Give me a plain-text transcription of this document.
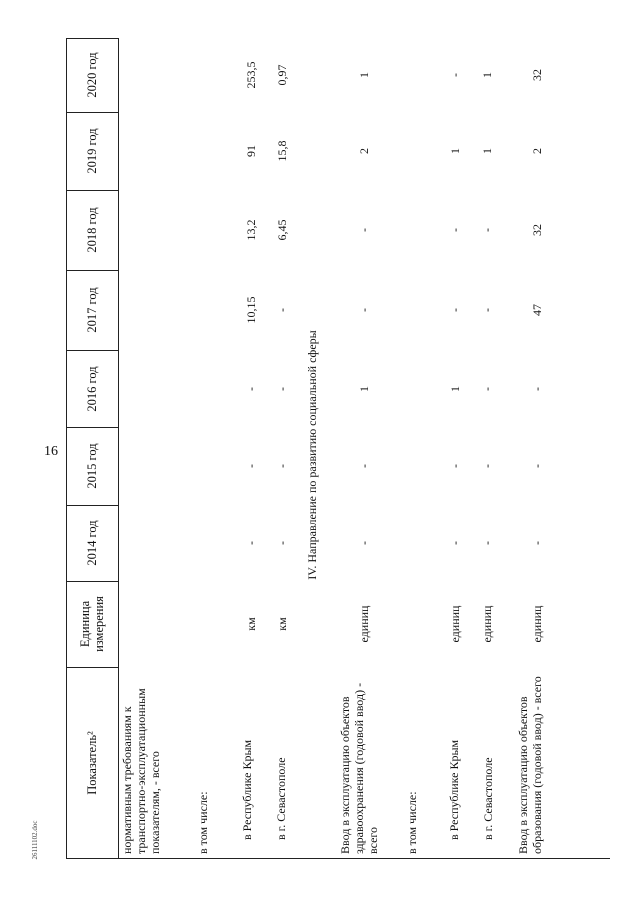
16
26111102.doc
Показатель²
Единица измерения
2014 год
2015 год
2016 год
2017 год
2018 год
2019 год
2020 год
IV. Направление по развитию социальной сферы
нормативным требованиям к транспортно-эксплуатационным показателям, - всего	в том числе:	в Республике Крым
км
-
-
-
10,15
13,2
91
253,5
в г. Севастополе
км
-
-
-
-
6,45
15,8
0,97
Ввод в эксплуатацию объектов здравоохранения (годовой ввод) - всего
единиц
-
-
1
-
-
2
1
в том числе: в Республике Крым
единиц
-
-
1
-
-
1
-
в г. Севастополе
единиц
-
-
-
-
-
1
1
Ввод в эксплуатацию объектов образования (годовой ввод) - всего
единиц
-
-
-
47
32
2
32
